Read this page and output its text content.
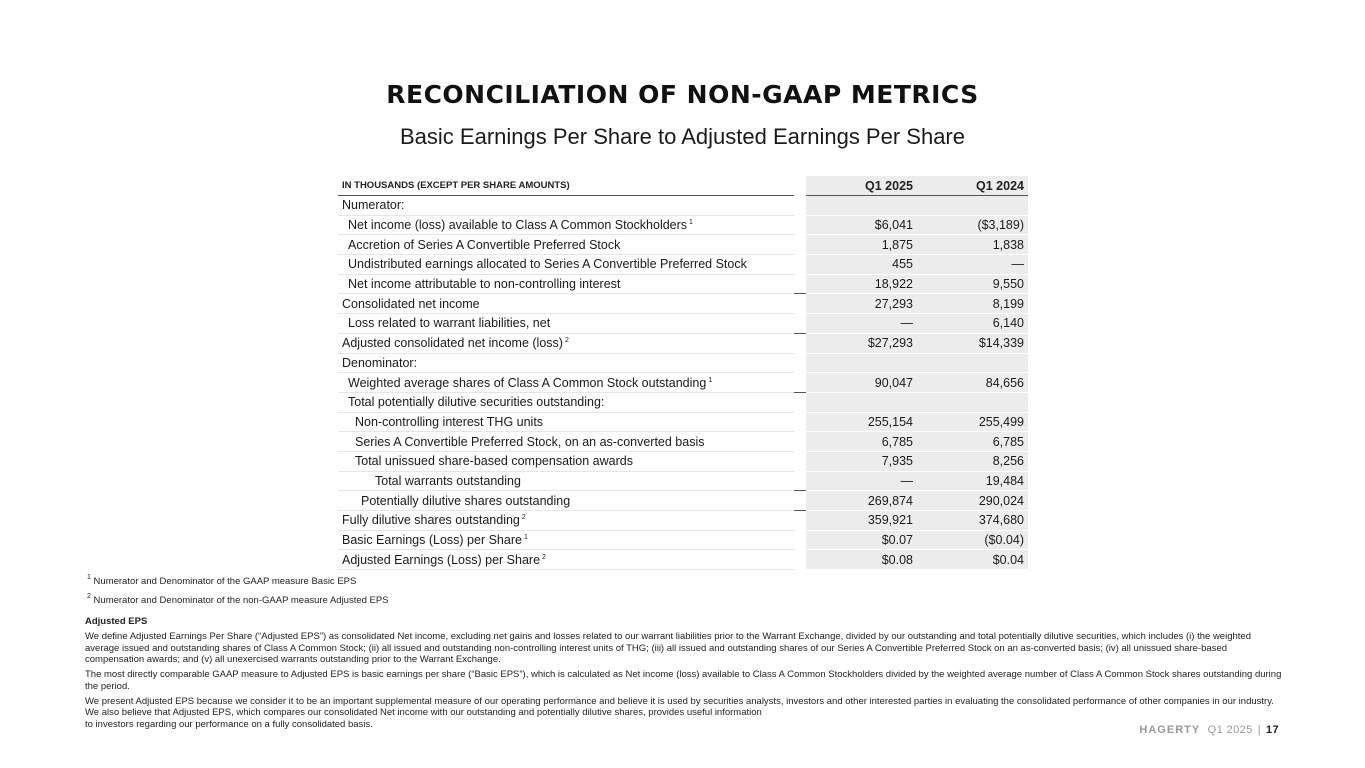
RECONCILIATION OF NON-GAAP METRICS
Basic Earnings Per Share to Adjusted Earnings Per Share
IN THOUSANDS (EXCEPT PER SHARE AMOUNTS)		Q1 2025	Q1 2024
Numerator:			
Net income (loss) available to Class A Common Stockholders $^1$		$6,041	($3,189)
Accretion of Series A Convertible Preferred Stock		1,875	1,838
Undistributed earnings allocated to Series A Convertible Preferred Stock		455	—
Net income attributable to non-controlling interest		18,922	9,550
Consolidated net income		27,293	8,199
Loss related to warrant liabilities, net		—	6,140
Adjusted consolidated net income (loss) $^2$		$27,293	$14,339
Denominator:			
Weighted average shares of Class A Common Stock outstanding $^1$		90,047	84,656
Total potentially dilutive securities outstanding:			
Non-controlling interest THG units		255,154	255,499
Series A Convertible Preferred Stock, on an as-converted basis		6,785	6,785
Total unissued share-based compensation awards		7,935	8,256
Total warrants outstanding		—	19,484
Potentially dilutive shares outstanding		269,874	290,024
Fully dilutive shares outstanding $^2$		359,921	374,680
Basic Earnings (Loss) per Share $^1$		$0.07	($0.04)
Adjusted Earnings (Loss) per Share $^2$		$0.08	$0.04

$^1$ Numerator and Denominator of the GAAP measure Basic EPS

$^2$ Numerator and Denominator of the non-GAAP measure Adjusted EPS

Adjusted EPS

We define Adjusted Earnings Per Share (“Adjusted EPS”) as consolidated Net income, excluding net gains and losses related to our warrant liabilities prior to the Warrant Exchange, divided by our outstanding and total potentially dilutive securities, which includes (i) the weighted average issued and outstanding shares of Class A Common Stock; (ii) all issued and outstanding non-controlling interest units of THG; (iii) all issued and outstanding shares of our Series A Convertible Preferred Stock on an as-converted basis; (iv) all unissued share-based compensation awards; and (v) all unexercised warrants outstanding prior to the Warrant Exchange.

The most directly comparable GAAP measure to Adjusted EPS is basic earnings per share (“Basic EPS”), which is calculated as Net income (loss) available to Class A Common Stockholders divided by the weighted average number of Class A Common Stock shares outstanding during the period.

We present Adjusted EPS because we consider it to be an important supplemental measure of our operating performance and believe it is used by securities analysts, investors and other interested parties in evaluating the consolidated performance of other companies in our industry. We also believe that Adjusted EPS, which compares our consolidated Net income with our outstanding and potentially dilutive shares, provides useful information
to investors regarding our performance on a fully consolidated basis.	HAGERTY Q1 2025 | 17
